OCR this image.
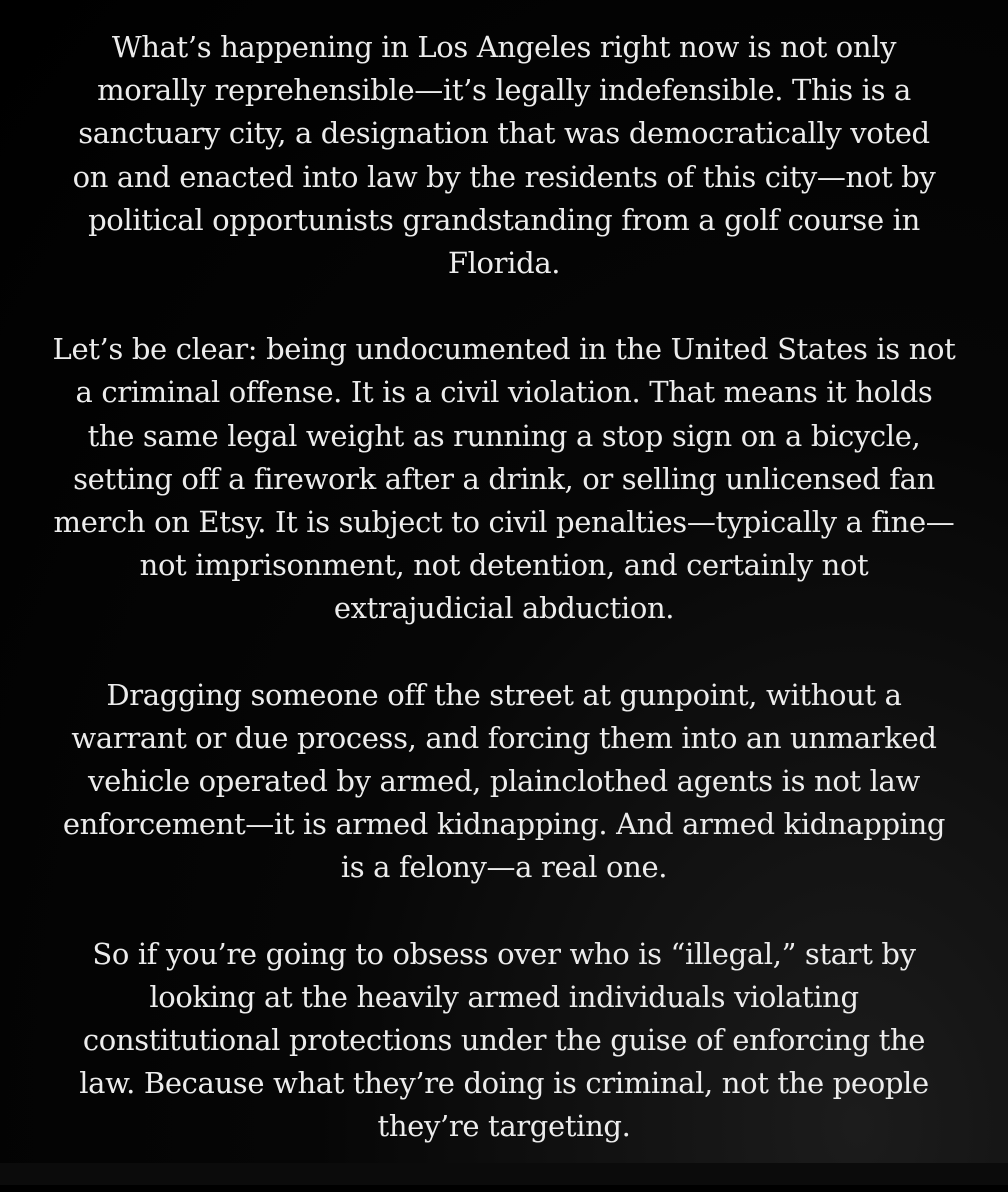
What’s happening in Los Angeles right now is not only
morally reprehensible—it’s legally indefensible. This is a
sanctuary city, a designation that was democratically voted
on and enacted into law by the residents of this city—not by
political opportunists grandstanding from a golf course in
Florida.

Let’s be clear: being undocumented in the United States is not
a criminal offense. It is a civil violation. That means it holds
the same legal weight as running a stop sign on a bicycle,
setting off a firework after a drink, or selling unlicensed fan
merch on Etsy. It is subject to civil penalties—typically a fine—
not imprisonment, not detention, and certainly not
extrajudicial abduction.

Dragging someone off the street at gunpoint, without a
warrant or due process, and forcing them into an unmarked
vehicle operated by armed, plainclothed agents is not law
enforcement—it is armed kidnapping. And armed kidnapping
is a felony—a real one.

So if you’re going to obsess over who is “illegal,” start by
looking at the heavily armed individuals violating
constitutional protections under the guise of enforcing the
law. Because what they’re doing is criminal, not the people
they’re targeting.
